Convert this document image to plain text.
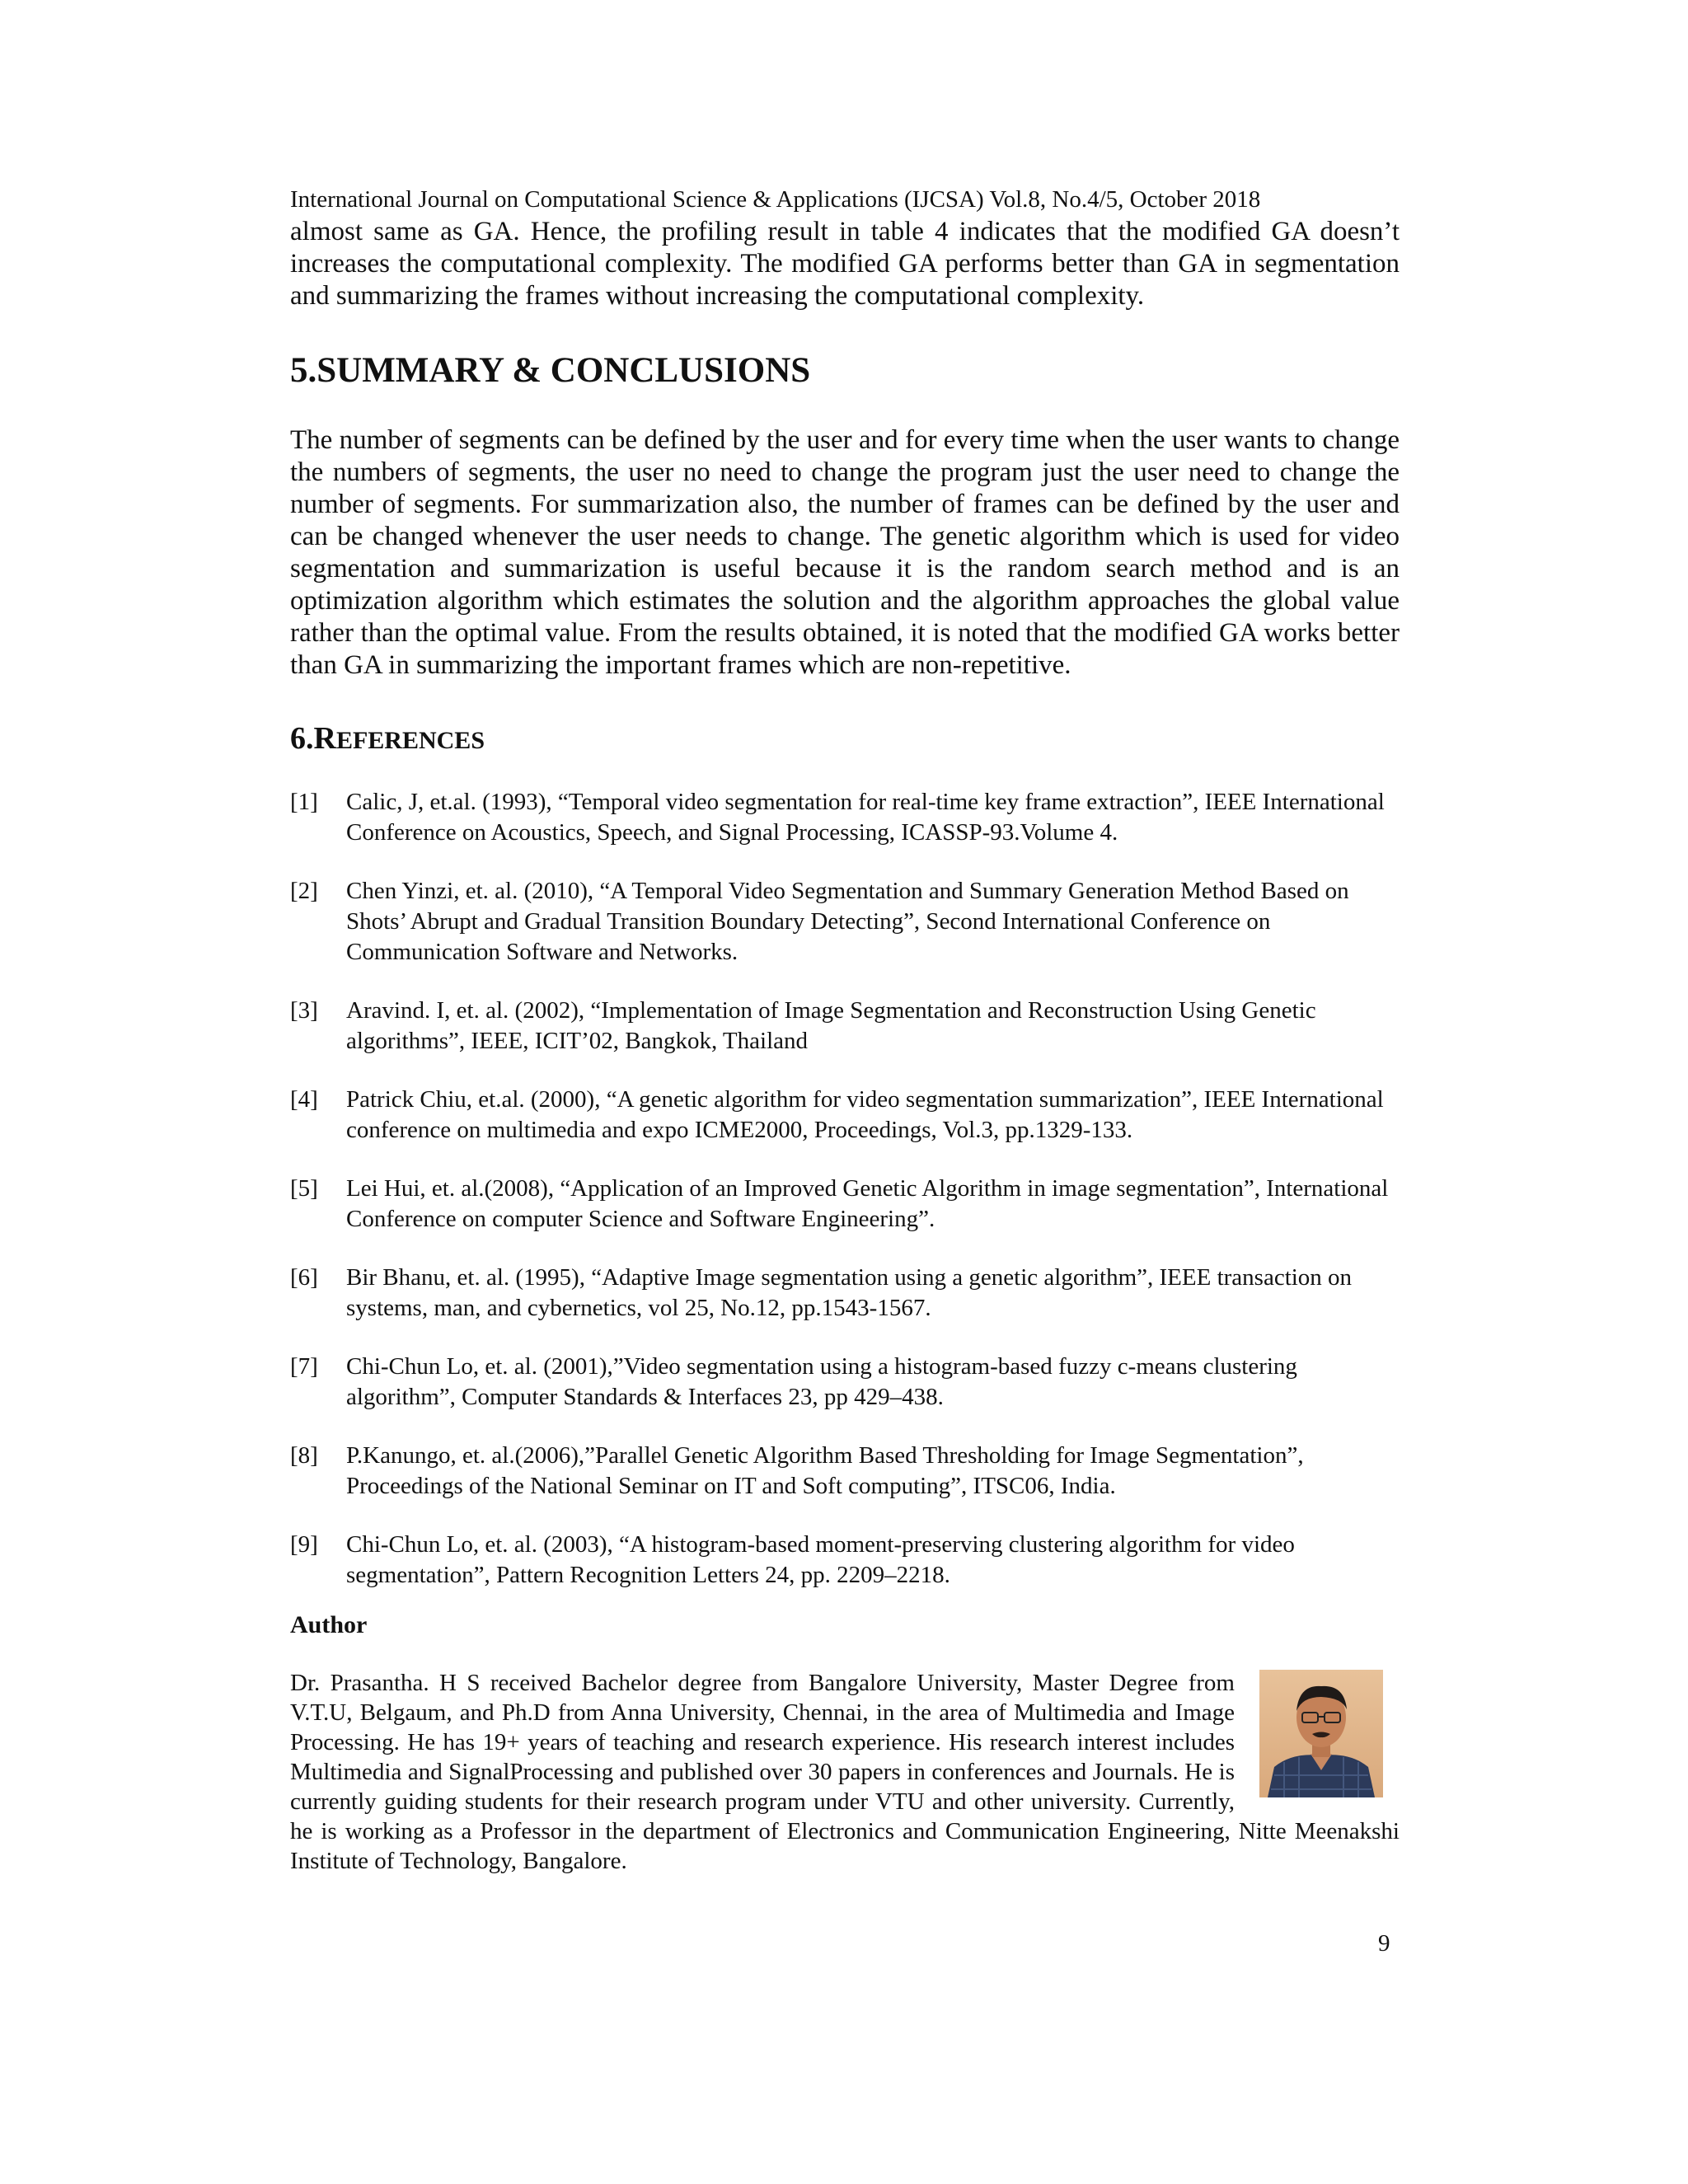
International Journal on Computational Science & Applications (IJCSA) Vol.8, No.4/5, October 2018

almost same as GA. Hence, the profiling result in table 4 indicates that the modified GA doesn’t increases the computational complexity. The modified GA performs better than GA in segmentation and summarizing the frames without increasing the computational complexity.

5.SUMMARY & CONCLUSIONS

The number of segments can be defined by the user and for every time when the user wants to change the numbers of segments, the user no need to change the program just the user need to change the number of segments. For summarization also, the number of frames can be defined by the user and can be changed whenever the user needs to change. The genetic algorithm which is used for video segmentation and summarization is useful because it is the random search method and is an optimization algorithm which estimates the solution and the algorithm approaches the global value rather than the optimal value. From the results obtained, it is noted that the modified GA works better than GA in summarizing the important frames which are non-repetitive.

6.REFERENCES
[1]	Calic, J, et.al. (1993), “Temporal video segmentation for real-time key frame extraction”, IEEE International Conference on Acoustics, Speech, and Signal Processing, ICASSP-93.Volume 4.
[2]	Chen Yinzi, et. al. (2010), “A Temporal Video Segmentation and Summary Generation Method Based on Shots’ Abrupt and Gradual Transition Boundary Detecting”, Second International Conference on Communication Software and Networks.
[3]	Aravind. I, et. al. (2002), “Implementation of Image Segmentation and Reconstruction Using Genetic algorithms”, IEEE, ICIT’02, Bangkok, Thailand
[4]	Patrick Chiu, et.al. (2000), “A genetic algorithm for video segmentation summarization”, IEEE International conference on multimedia and expo ICME2000, Proceedings, Vol.3, pp.1329-133.
[5]	Lei Hui, et. al.(2008), “Application of an Improved Genetic Algorithm in image segmentation”, International Conference on computer Science and Software Engineering”.
[6]	Bir Bhanu, et. al. (1995), “Adaptive Image segmentation using a genetic algorithm”, IEEE transaction on systems, man, and cybernetics, vol 25, No.12, pp.1543-1567.
[7]	Chi-Chun Lo, et. al. (2001),”Video segmentation using a histogram-based fuzzy c-means clustering algorithm”, Computer Standards & Interfaces 23, pp 429–438.
[8]	P.Kanungo, et. al.(2006),”Parallel Genetic Algorithm Based Thresholding for Image Segmentation”, Proceedings of the National Seminar on IT and Soft computing”, ITSC06, India.
[9]	Chi-Chun Lo, et. al. (2003), “A histogram-based moment-preserving clustering algorithm for video segmentation”, Pattern Recognition Letters 24, pp. 2209–2218.
Author
Dr. Prasantha. H S received Bachelor degree from Bangalore University, Master Degree from V.T.U, Belgaum, and Ph.D from Anna University, Chennai, in the area of Multimedia and Image Processing. He has 19+ years of teaching and research experience. His research interest includes Multimedia and SignalProcessing and published over 30 papers in conferences and Journals. He is currently guiding students for their research program under VTU and other university. Currently, he is working as a Professor in the department of Electronics and Communication Engineering, Nitte Meenakshi Institute of Technology, Bangalore.
9
